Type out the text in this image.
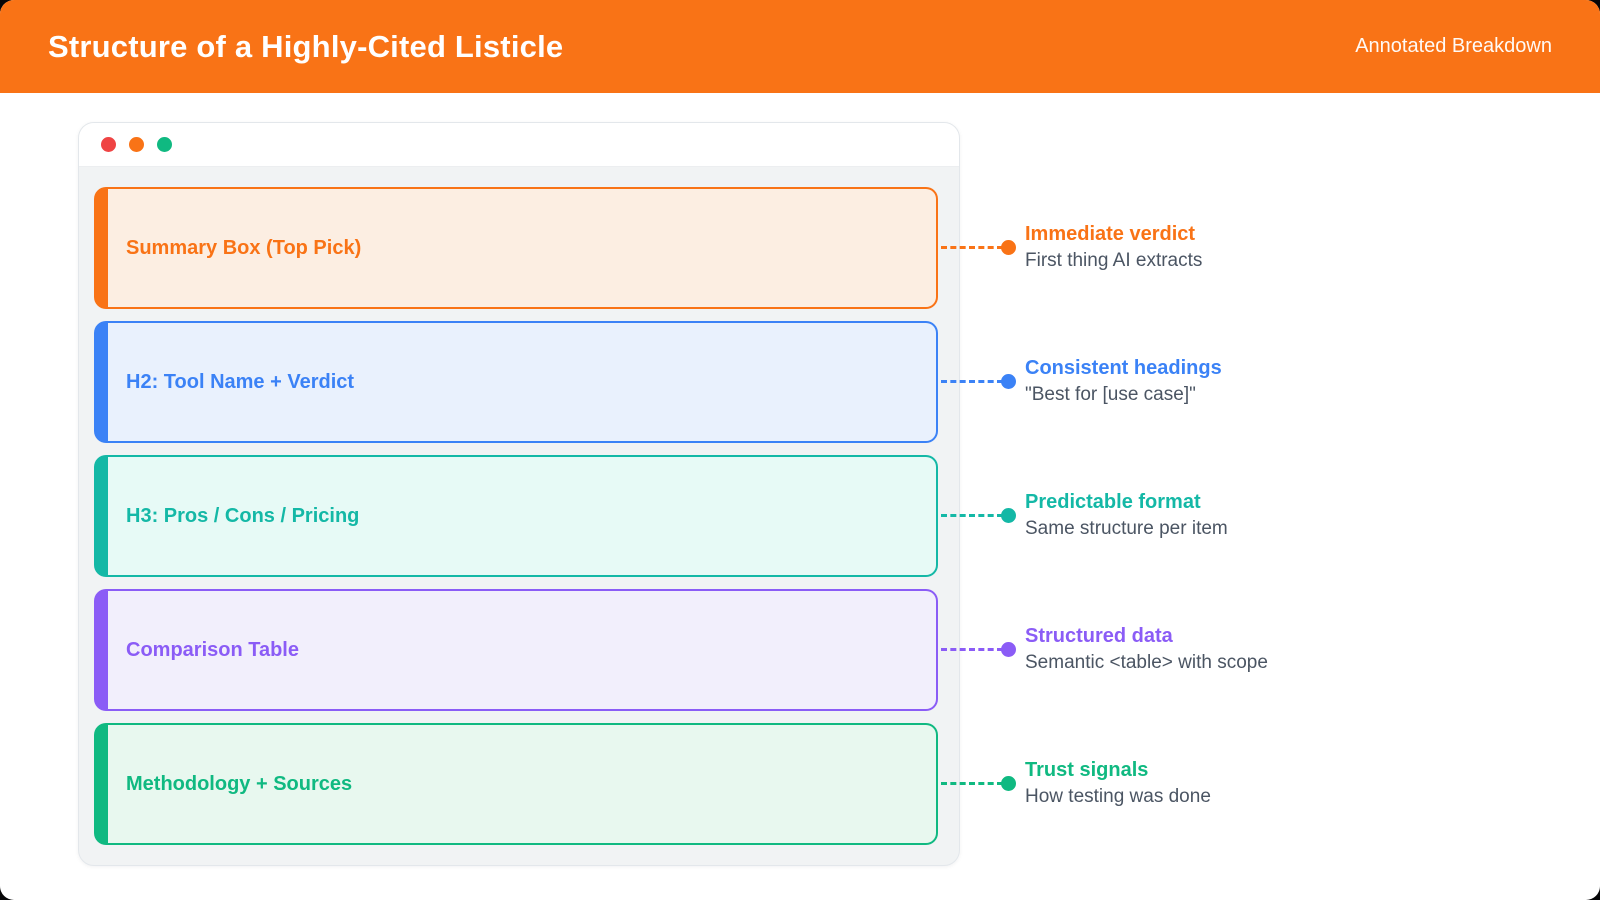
Structure of a Highly-Cited Listicle	Annotated Breakdown
Summary Box (Top Pick)
H2: Tool Name + Verdict
H3: Pros / Cons / Pricing
Comparison Table
Methodology + Sources
Immediate verdict
First thing AI extracts
Consistent headings
"Best for [use case]"
Predictable format
Same structure per item
Structured data
Semantic <table> with scope
Trust signals
How testing was done
